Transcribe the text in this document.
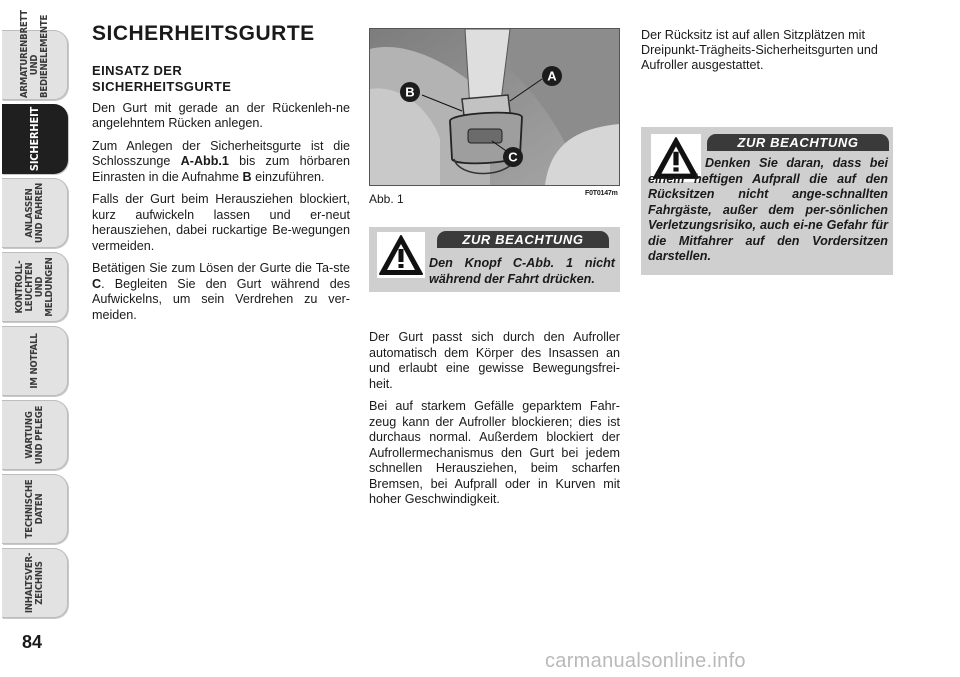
ARMATURENBRETT
UND
BEDIENELEMENTE
SICHERHEIT
ANLASSEN
UND FAHREN
KONTROLL-
LEUCHTEN UND
MELDUNGEN
IM NOTFALL
WARTUNG
UND PFLEGE
TECHNISCHE
DATEN
INHALTSVER-
ZEICHNIS
84
SICHERHEITSGURTE
EINSATZ DER
SICHERHEITSGURTE

Den Gurt mit gerade an der Rückenleh-ne angelehntem Rücken anlegen.

Zum Anlegen der Sicherheitsgurte ist die Schlosszunge A-Abb.1 bis zum hörbaren Einrasten in die Aufnahme B einzuführen.

Falls der Gurt beim Herausziehen blockiert, kurz aufwickeln lassen und er-neut herausziehen, dabei ruckartige Be-wegungen vermeiden.

Betätigen Sie zum Lösen der Gurte die Ta-ste C. Begleiten Sie den Gurt während des Aufwickelns, um sein Verdrehen zu ver-meiden.

B
A
C
Abb. 1	F0T0147m
ZUR BEACHTUNG
Den Knopf C-Abb. 1 nicht während der Fahrt drücken.

Der Gurt passt sich durch den Aufroller automatisch dem Körper des Insassen an und erlaubt eine gewisse Bewegungsfrei-heit.

Bei auf starkem Gefälle geparktem Fahr-zeug kann der Aufroller blockieren; dies ist durchaus normal. Außerdem blockiert der Aufrollermechanismus den Gurt bei jedem schnellen Herausziehen, beim scharfen Bremsen, bei Aufprall oder in Kurven mit hoher Geschwindigkeit.

Der Rücksitz ist auf allen Sitzplätzen mit Dreipunkt-Trägheits-Sicherheitsgurten und Aufroller ausgestattet.

ZUR BEACHTUNG
Denken Sie daran, dass bei einem heftigen Aufprall die auf den Rücksitzen nicht ange-schnallten Fahrgäste, außer dem per-sönlichen Verletzungsrisiko, auch ei-ne Gefahr für die Mitfahrer auf den Vordersitzen darstellen.
carmanualsonline.info
